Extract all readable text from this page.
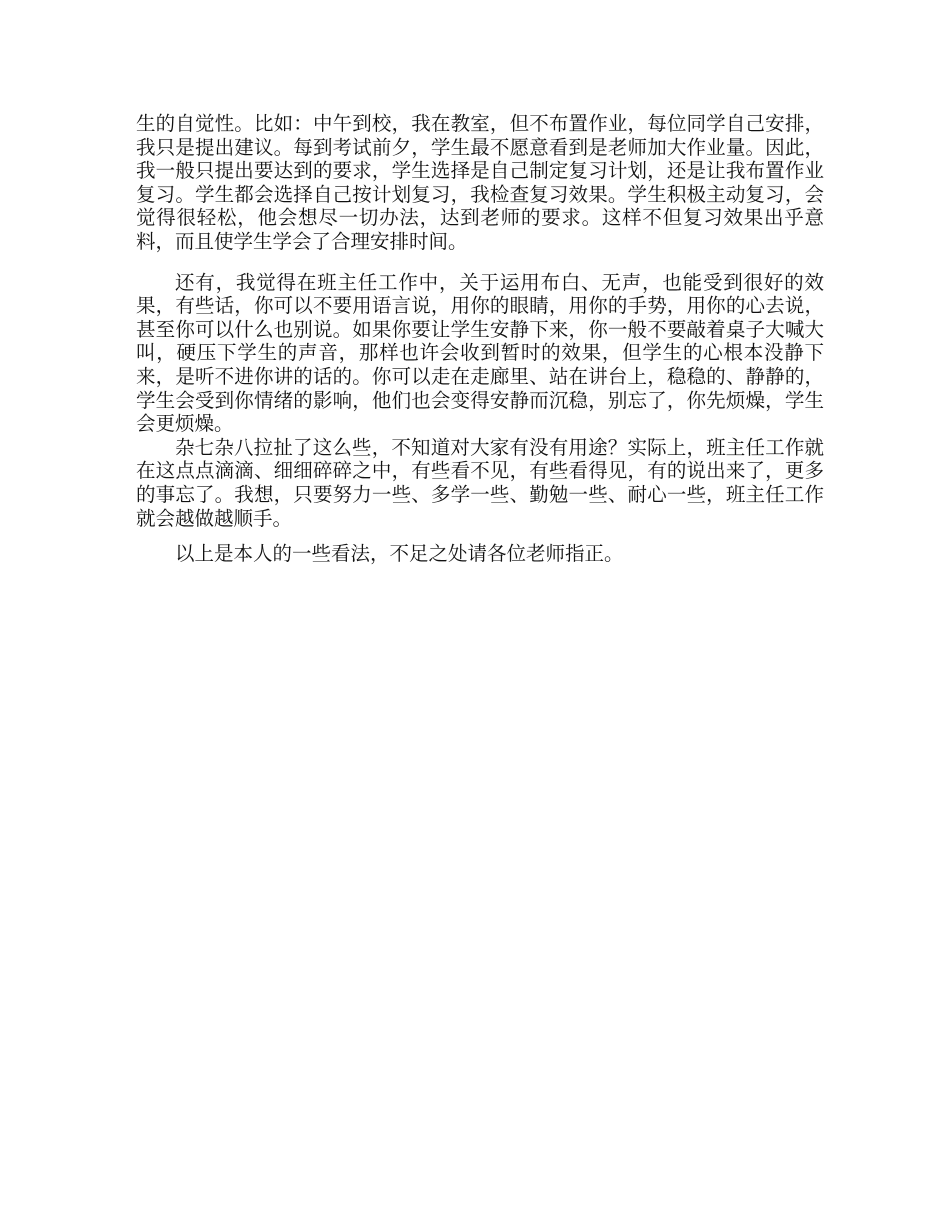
生的自觉性。比如：中午到校，我在教室，但不布置作业，每位同学自己安排，我只是提出建议。每到考试前夕，学生最不愿意看到是老师加大作业量。因此，我一般只提出要达到的要求，学生选择是自己制定复习计划，还是让我布置作业复习。学生都会选择自己按计划复习，我检查复习效果。学生积极主动复习，会觉得很轻松，他会想尽一切办法，达到老师的要求。这样不但复习效果出乎意料，而且使学生学会了合理安排时间。

还有，我觉得在班主任工作中，关于运用布白、无声，也能受到很好的效果，有些话，你可以不要用语言说，用你的眼睛，用你的手势，用你的心去说，甚至你可以什么也别说。如果你要让学生安静下来，你一般不要敲着桌子大喊大叫，硬压下学生的声音，那样也许会收到暂时的效果，但学生的心根本没静下来，是听不进你讲的话的。你可以走在走廊里、站在讲台上，稳稳的、静静的，学生会受到你情绪的影响，他们也会变得安静而沉稳，别忘了，你先烦燥，学生会更烦燥。

杂七杂八拉扯了这么些，不知道对大家有没有用途？实际上，班主任工作就在这点点滴滴、细细碎碎之中，有些看不见，有些看得见，有的说出来了，更多的事忘了。我想，只要努力一些、多学一些、勤勉一些、耐心一些，班主任工作就会越做越顺手。

以上是本人的一些看法，不足之处请各位老师指正。
